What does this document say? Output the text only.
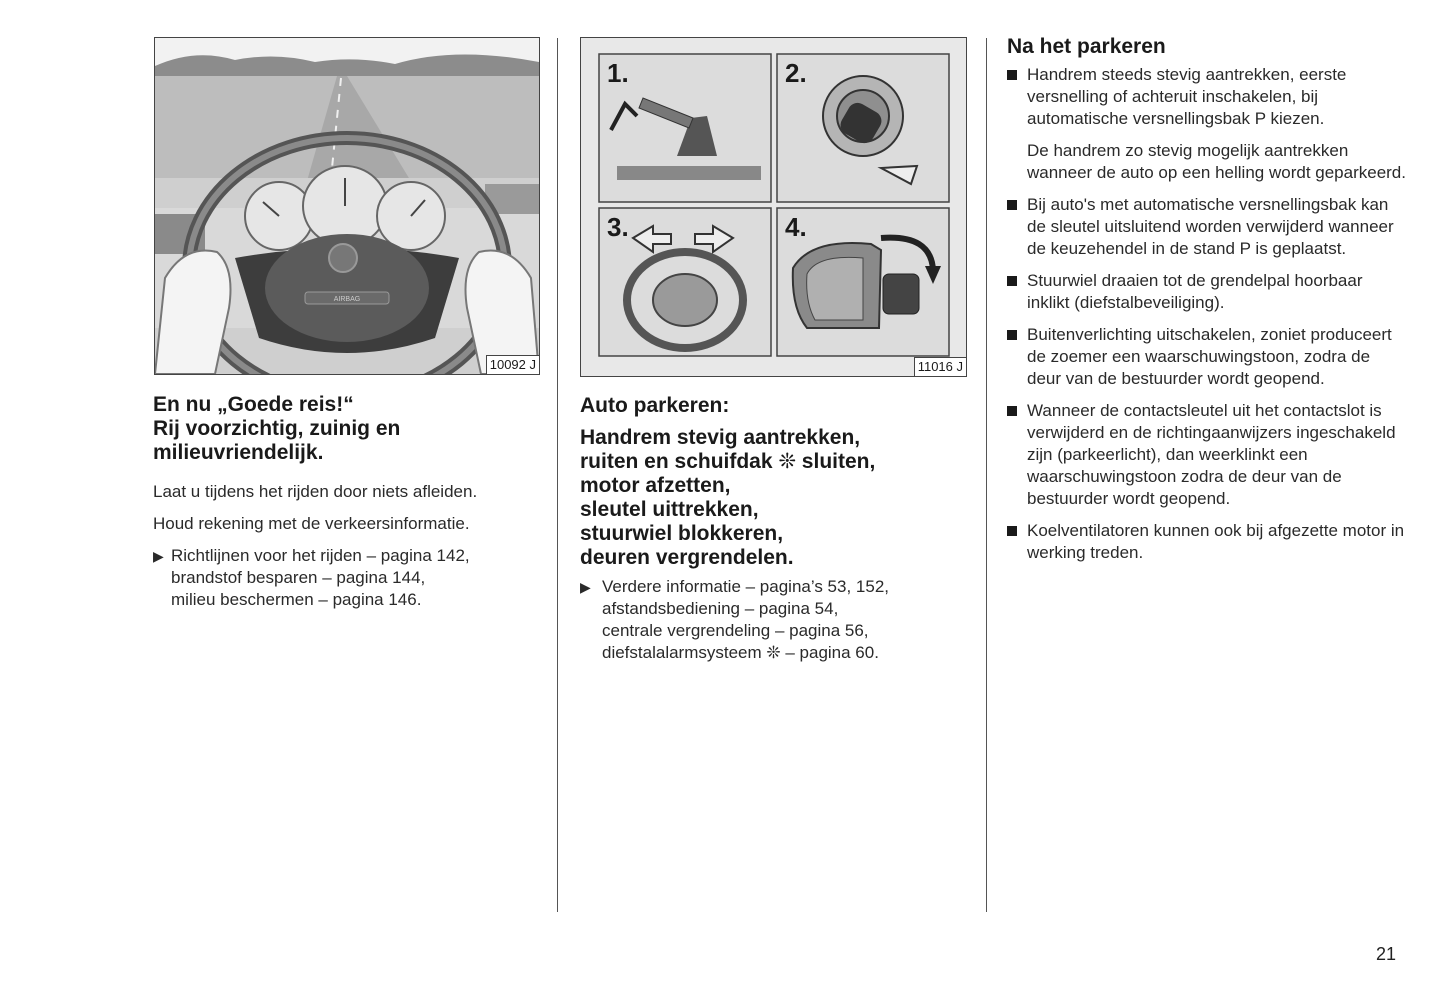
AIRBAG
10092 J
1.	2.
3.	4.
11016 J
En nu „Goede reis!“
Rij voorzichtig, zuinig en
milieuvriendelijk.

Laat u tijdens het rijden door niets afleiden.

Houd rekening met de verkeersinformatie.

▶ Richtlijnen voor het rijden – pagina 142,
brandstof besparen – pagina 144,
milieu beschermen – pagina 146.
Auto parkeren:
Handrem stevig aantrekken,
ruiten en schuifdak ❊ sluiten,
motor afzetten,
sleutel uittrekken,
stuurwiel blokkeren,
deuren vergrendelen.
▶ Verdere informatie – pagina’s 53, 152,
afstandsbediening – pagina 54,
centrale vergrendeling – pagina 56,
diefstalalarmsysteem ❊ – pagina 60.
Na het parkeren

Handrem steeds stevig aantrekken, eerste versnelling of achteruit inschakelen, bij automatische versnellingsbak P kiezen.

De handrem zo stevig mogelijk aantrekken wanneer de auto op een helling wordt geparkeerd.

Bij auto's met automatische versnellingsbak kan de sleutel uitsluitend worden verwijderd wanneer de keuzehendel in de stand P is geplaatst.

Stuurwiel draaien tot de grendelpal hoorbaar inklikt (diefstalbeveiliging).

Buitenverlichting uitschakelen, zoniet produceert de zoemer een waarschuwingstoon, zodra de deur van de bestuurder wordt geopend.

Wanneer de contactsleutel uit het contactslot is verwijderd en de richtingaanwijzers ingeschakeld zijn (parkeerlicht), dan weerklinkt een waarschuwingstoon zodra de deur van de bestuurder wordt geopend.

Koelventilatoren kunnen ook bij afgezette motor in werking treden.

21
